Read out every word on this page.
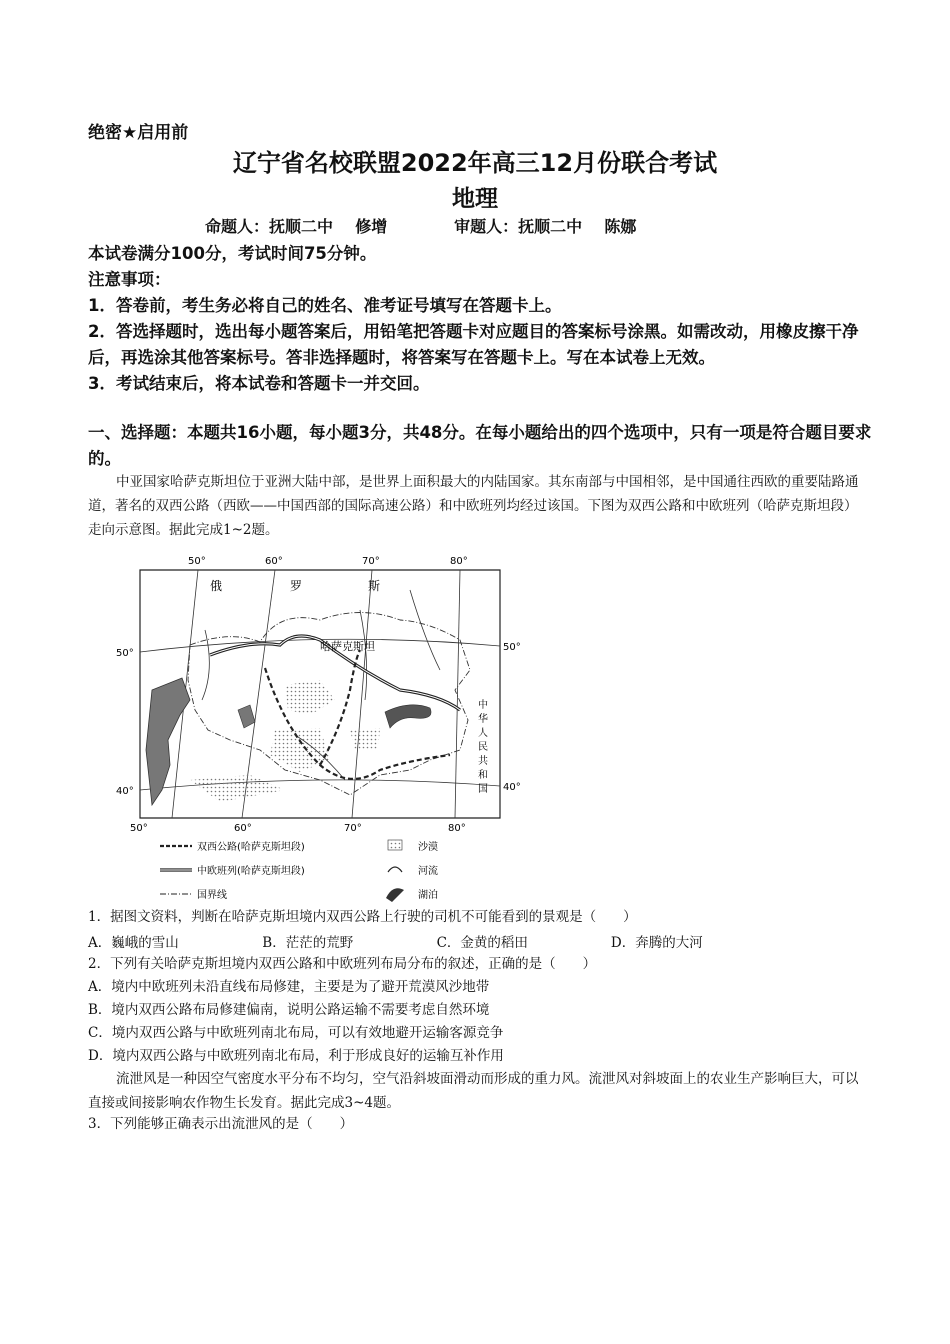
绝密★启用前
辽宁省名校联盟2022年高三12月份联合考试
地理
命题人：抚顺二中    修增            审题人：抚顺二中    陈娜
本试卷满分100分，考试时间75分钟。
注意事项：
1．答卷前，考生务必将自己的姓名、准考证号填写在答题卡上。
2．答选择题时，选出每小题答案后，用铅笔把答题卡对应题目的答案标号涂黑。如需改动，用橡皮擦干净后，再选涂其他答案标号。答非选择题时，将答案写在答题卡上。写在本试卷上无效。
3．考试结束后，将本试卷和答题卡一并交回。
一、选择题：本题共16小题，每小题3分，共48分。在每小题给出的四个选项中，只有一项是符合题目要求的。
中亚国家哈萨克斯坦位于亚洲大陆中部，是世界上面积最大的内陆国家。其东南部与中国相邻，是中国通往西欧的重要陆路通道，著名的双西公路（西欧——中国西部的国际高速公路）和中欧班列均经过该国。下图为双西公路和中欧班列（哈萨克斯坦段）走向示意图。据此完成1~2题。
50°	60°	70°	80°
50°	60°	70°	80°
50°
40°
50°
40°
俄	罗	斯
哈萨克斯坦
中
华
人
民
共
和
国
双西公路(哈萨克斯坦段)
中欧班列(哈萨克斯坦段)
国界线
沙漠
河流
湖泊
1．据图文资料，判断在哈萨克斯坦境内双西公路上行驶的司机不可能看到的景观是（　　）
A．巍峨的雪山	B．茫茫的荒野	C．金黄的稻田	D．奔腾的大河
2．下列有关哈萨克斯坦境内双西公路和中欧班列布局分布的叙述，正确的是（　　）
A．境内中欧班列未沿直线布局修建，主要是为了避开荒漠风沙地带
B．境内双西公路布局修建偏南，说明公路运输不需要考虑自然环境
C．境内双西公路与中欧班列南北布局，可以有效地避开运输客源竞争
D．境内双西公路与中欧班列南北布局，利于形成良好的运输互补作用
流泄风是一种因空气密度水平分布不均匀，空气沿斜坡面滑动而形成的重力风。流泄风对斜坡面上的农业生产影响巨大，可以直接或间接影响农作物生长发育。据此完成3~4题。
3．下列能够正确表示出流泄风的是（　　）
